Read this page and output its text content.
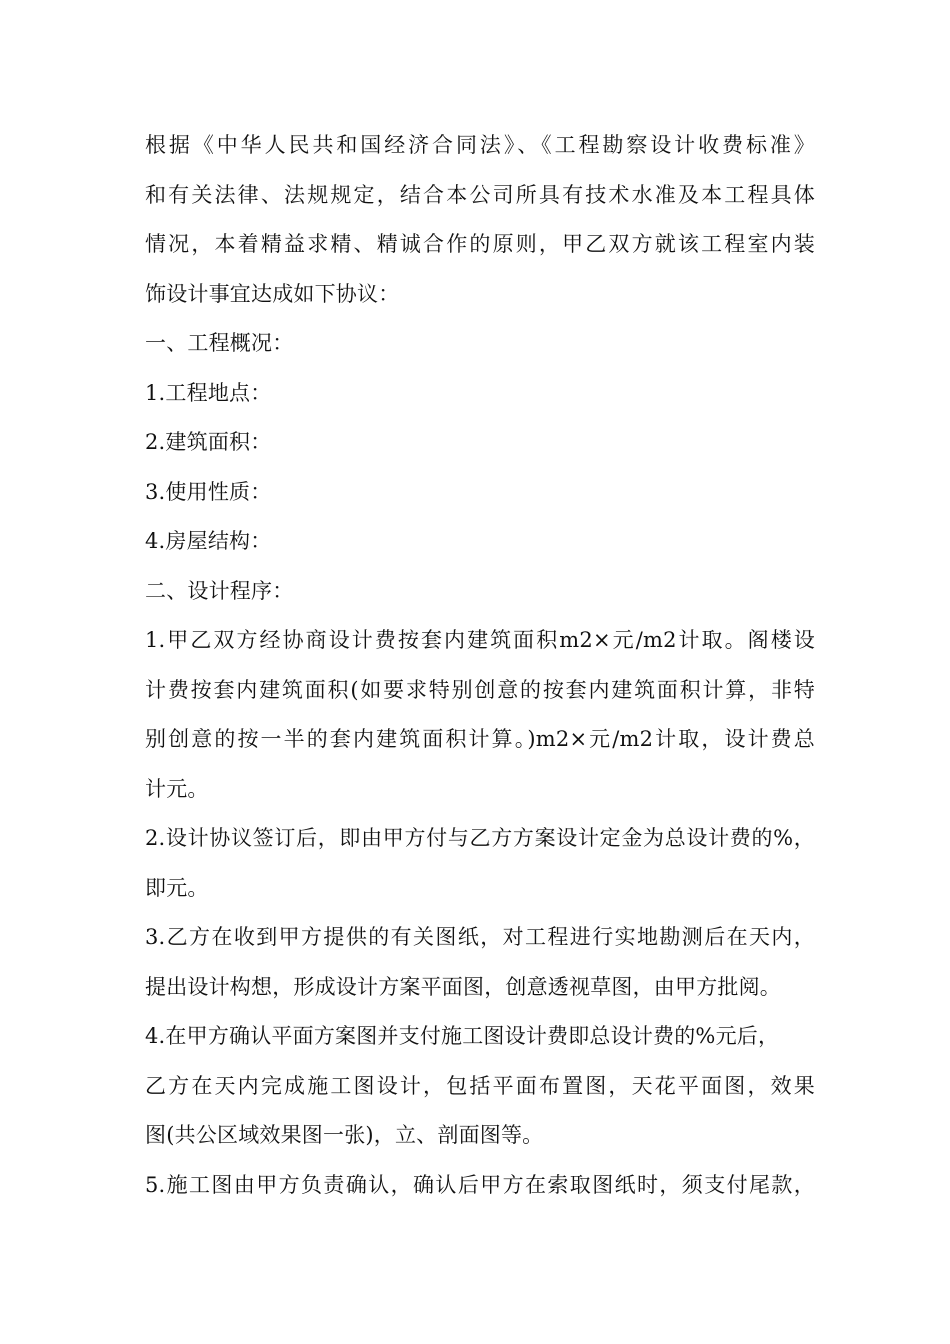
根据《中华人民共和国经济合同法》、《工程勘察设计收费标准》
和有关法律、法规规定，结合本公司所具有技术水准及本工程具体
情况，本着精益求精、精诚合作的原则，甲乙双方就该工程室内装
饰设计事宜达成如下协议：
一、工程概况：
1.工程地点：
2.建筑面积：
3.使用性质：
4.房屋结构：
二、设计程序：
1.甲乙双方经协商设计费按套内建筑面积m2×元/m2计取。阁楼设
计费按套内建筑面积(如要求特别创意的按套内建筑面积计算，非特
别创意的按一半的套内建筑面积计算。)m2×元/m2计取，设计费总
计元。
2.设计协议签订后，即由甲方付与乙方方案设计定金为总设计费的%，
即元。
3.乙方在收到甲方提供的有关图纸，对工程进行实地勘测后在天内，
提出设计构想，形成设计方案平面图，创意透视草图，由甲方批阅。
4.在甲方确认平面方案图并支付施工图设计费即总设计费的%元后，
乙方在天内完成施工图设计，包括平面布置图，天花平面图，效果
图(共公区域效果图一张)，立、剖面图等。
5.施工图由甲方负责确认，确认后甲方在索取图纸时，须支付尾款，
